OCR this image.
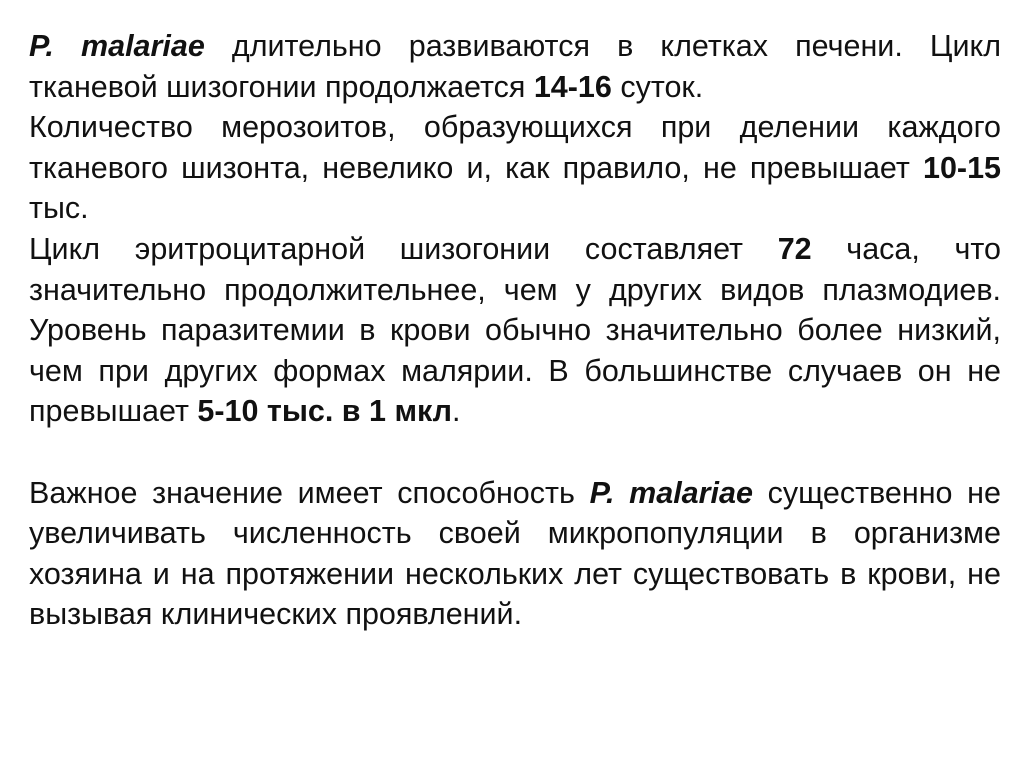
P. malariae длительно развиваются в клетках печени. Цикл тканевой шизогонии продолжается 14-16 суток.

Количество мерозоитов, образующихся при делении каждого тканевого шизонта, невелико и, как правило, не превышает 10-15 тыс.

Цикл эритроцитарной шизогонии составляет 72 часа, что значительно продолжительнее, чем у других видов плазмодиев. Уровень паразитемии в крови обычно значительно более низкий, чем при других формах малярии. В большинстве случаев он не превышает 5-10 тыс. в 1 мкл.

Важное значение имеет способность P. malariae существенно не увеличивать численность своей микропопуляции в организме хозяина и на протяжении нескольких лет существовать в крови, не вызывая клинических проявлений.
